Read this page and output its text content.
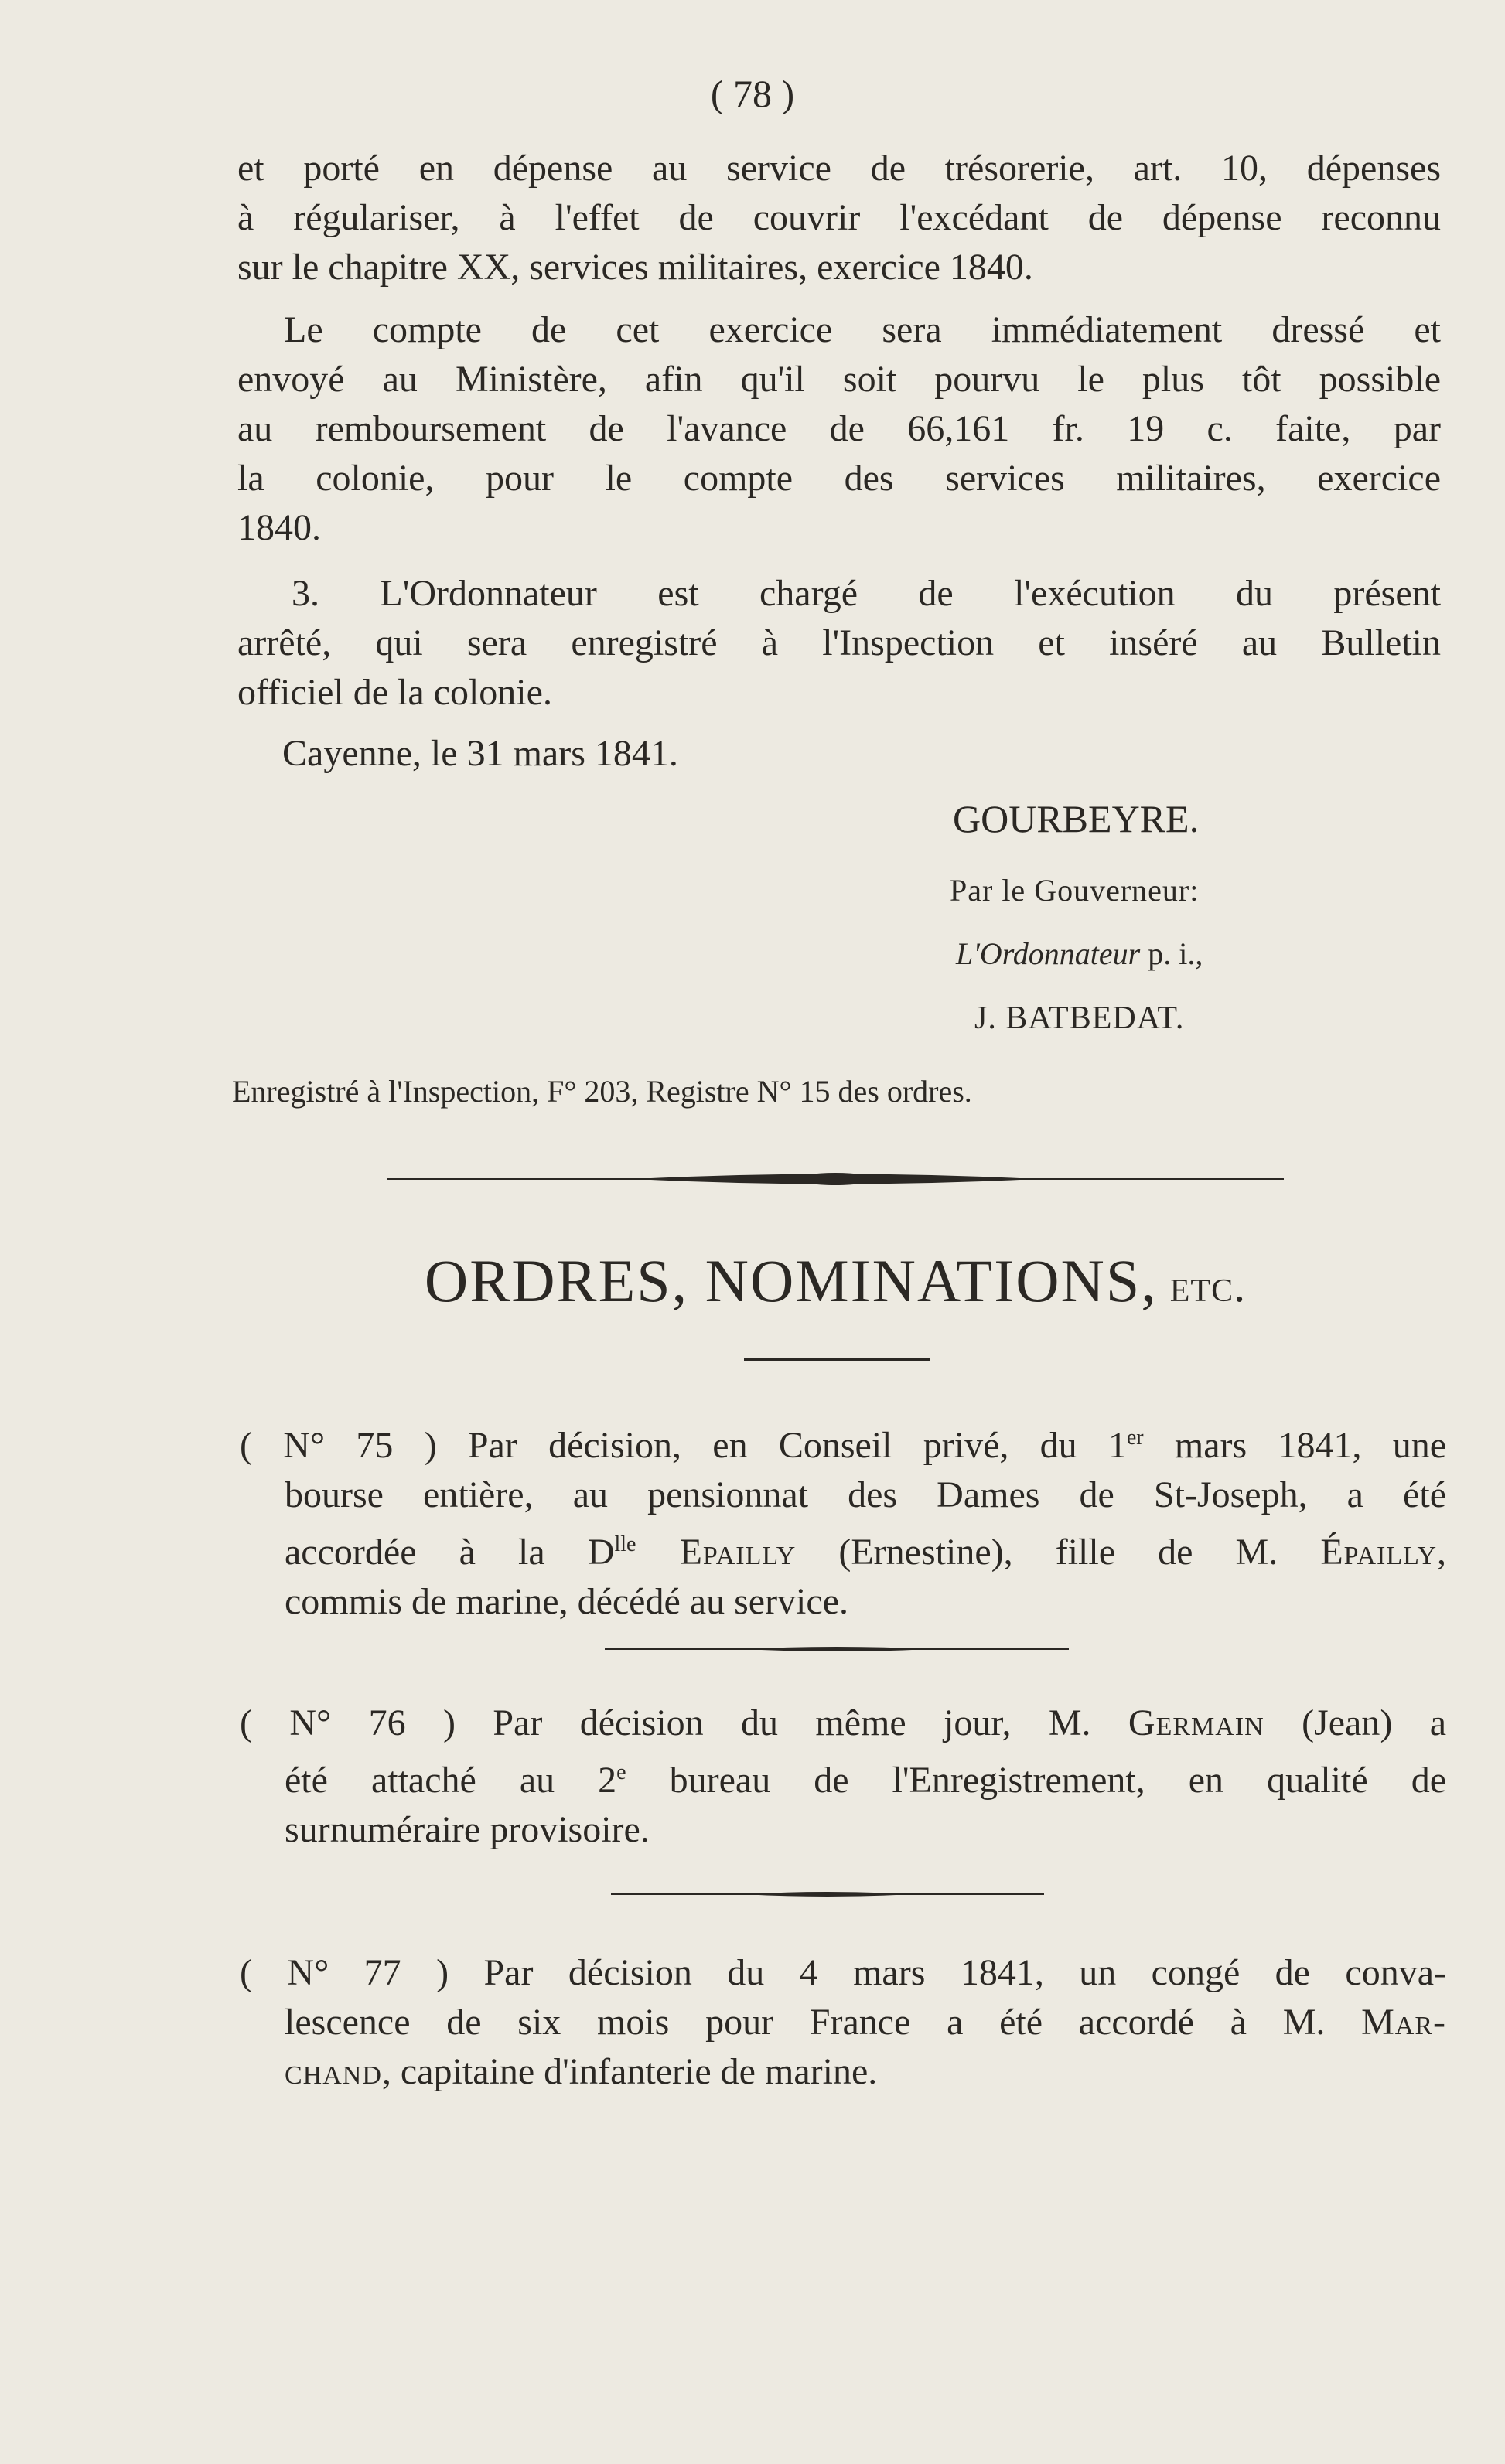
( 78 )
et porté en dépense au service de trésorerie, art. 10, dépenses
à régulariser, à l'effet de couvrir l'excédant de dépense reconnu
sur le chapitre XX, services militaires, exercice 1840.
Le compte de cet exercice sera immédiatement dressé et
envoyé au Ministère, afin qu'il soit pourvu le plus tôt possible
au remboursement de l'avance de 66,161 fr. 19 c. faite, par
la colonie, pour le compte des services militaires, exercice
1840.
3. L'Ordonnateur est chargé de l'exécution du présent
arrêté, qui sera enregistré à l'Inspection et inséré au Bulletin
officiel de la colonie.
Cayenne, le 31 mars 1841.
GOURBEYRE.
Par le Gouverneur:
L'Ordonnateur p. i.,
J. BATBEDAT.
Enregistré à l'Inspection, F° 203, Registre N° 15 des ordres.
ORDRES, NOMINATIONS, etc.
( N° 75 ) Par décision, en Conseil privé, du 1er mars 1841, une
bourse entière, au pensionnat des Dames de St-Joseph, a été
accordée à la $D^{lle}$ Epailly (Ernestine), fille de M. Épailly,
commis de marine, décédé au service.
( N° 76 ) Par décision du même jour, M. Germain (Jean) a
été attaché au 2e bureau de l'Enregistrement, en qualité de
surnuméraire provisoire.
( N° 77 ) Par décision du 4 mars 1841, un congé de conva-
lescence de six mois pour France a été accordé à M. Mar-
chand, capitaine d'infanterie de marine.
